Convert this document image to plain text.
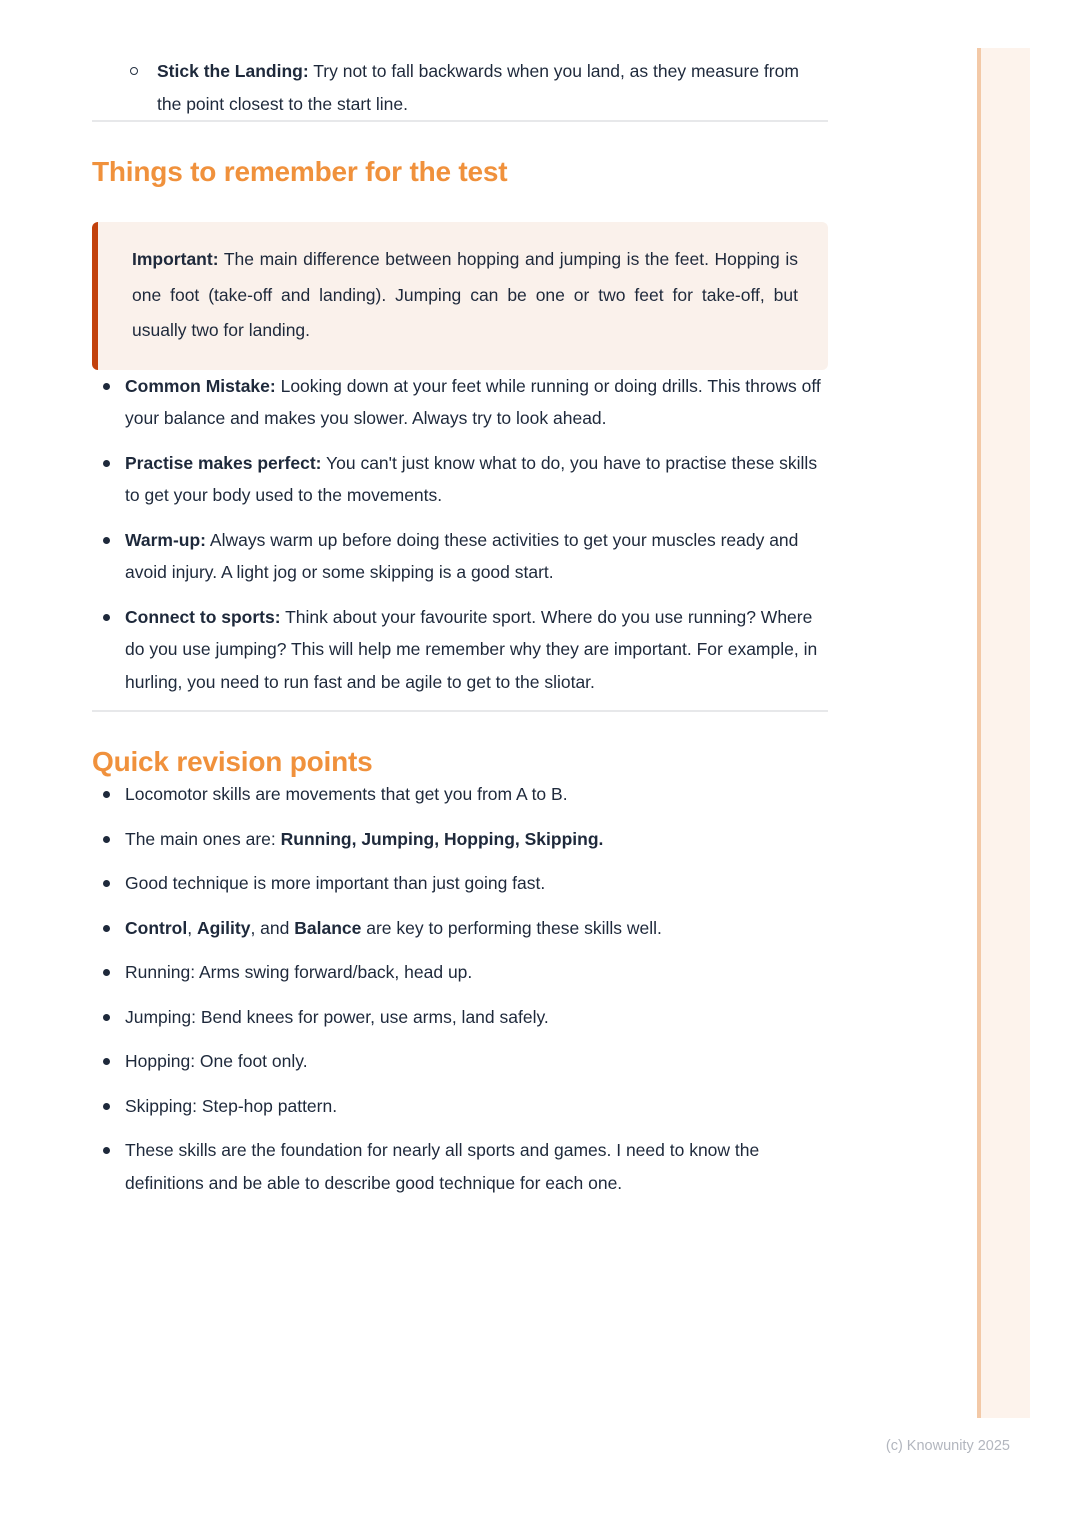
Stick the Landing: Try not to fall backwards when you land, as they measure from the point closest to the start line.
Things to remember for the test

Important: The main difference between hopping and jumping is the feet. Hopping is one foot (take-off and landing). Jumping can be one or two feet for take-off, but usually two for landing.

Common Mistake: Looking down at your feet while running or doing drills. This throws off your balance and makes you slower. Always try to look ahead.
Practise makes perfect: You can't just know what to do, you have to practise these skills to get your body used to the movements.
Warm-up: Always warm up before doing these activities to get your muscles ready and avoid injury. A light jog or some skipping is a good start.
Connect to sports: Think about your favourite sport. Where do you use running? Where do you use jumping? This will help me remember why they are important. For example, in hurling, you need to run fast and be agile to get to the sliotar.
Quick revision points
Locomotor skills are movements that get you from A to B.
The main ones are: Running, Jumping, Hopping, Skipping.
Good technique is more important than just going fast.
Control, Agility, and Balance are key to performing these skills well.
Running: Arms swing forward/back, head up.
Jumping: Bend knees for power, use arms, land safely.
Hopping: One foot only.
Skipping: Step-hop pattern.
These skills are the foundation for nearly all sports and games. I need to know the definitions and be able to describe good technique for each one.
(c) Knowunity 2025
